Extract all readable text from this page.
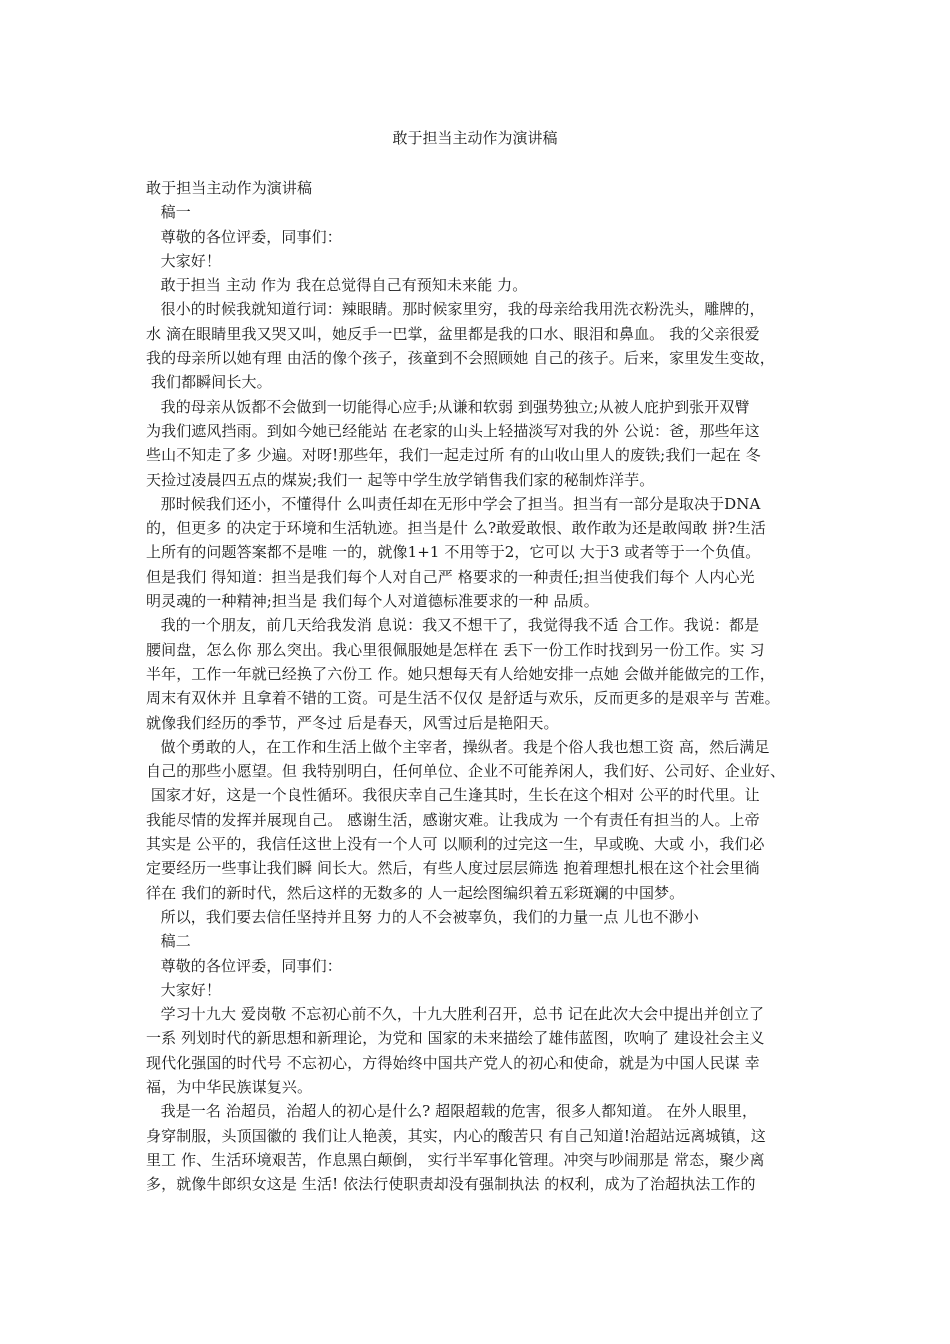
敢于担当主动作为演讲稿
敢于担当主动作为演讲稿
稿一
尊敬的各位评委，同事们：
大家好！
敢于担当 主动 作为 我在总觉得自己有预知未来能 力。
很小的时候我就知道行词：辣眼睛。那时候家里穷，我的母亲给我用洗衣粉洗头，雕牌的，
水 滴在眼睛里我又哭又叫，她反手一巴掌，盆里都是我的口水、眼泪和鼻血。 我的父亲很爱
我的母亲所以她有理 由活的像个孩子，孩童到不会照顾她 自己的孩子。后来，家里发生变故，
我们都瞬间长大。
我的母亲从饭都不会做到一切能得心应手;从谦和软弱 到强势独立;从被人庇护到张开双臂
为我们遮风挡雨。到如今她已经能站 在老家的山头上轻描淡写对我的外 公说：爸，那些年这
些山不知走了多 少遍。对呀!那些年，我们一起走过所 有的山收山里人的废铁;我们一起在 冬
天捡过凌晨四五点的煤炭;我们一 起等中学生放学销售我们家的秘制炸洋芋。
那时候我们还小，不懂得什 么叫责任却在无形中学会了担当。担当有一部分是取决于DNA
的，但更多 的决定于环境和生活轨迹。担当是什 么?敢爱敢恨、敢作敢为还是敢闯敢 拼?生活
上所有的问题答案都不是唯 一的，就像1+1 不用等于2，它可以 大于3 或者等于一个负值。
但是我们 得知道：担当是我们每个人对自己严 格要求的一种责任;担当使我们每个 人内心光
明灵魂的一种精神;担当是 我们每个人对道德标准要求的一种 品质。
我的一个朋友，前几天给我发消 息说：我又不想干了，我觉得我不适 合工作。我说：都是
腰间盘，怎么你 那么突出。我心里很佩服她是怎样在 丢下一份工作时找到另一份工作。实 习
半年，工作一年就已经换了六份工 作。她只想每天有人给她安排一点她 会做并能做完的工作，
周末有双休并 且拿着不错的工资。可是生活不仅仅 是舒适与欢乐，反而更多的是艰辛与 苦难。
就像我们经历的季节，严冬过 后是春天，风雪过后是艳阳天。
做个勇敢的人，在工作和生活上做个主宰者，操纵者。我是个俗人我也想工资 高，然后满足
自己的那些小愿望。但 我特别明白，任何单位、企业不可能养闲人，我们好、公司好、企业好、
国家才好，这是一个良性循环。我很庆幸自己生逢其时，生长在这个相对 公平的时代里。让
我能尽情的发挥并展现自己。 感谢生活，感谢灾难。让我成为 一个有责任有担当的人。上帝
其实是 公平的，我信任这世上没有一个人可 以顺利的过完这一生，早或晚、大或 小，我们必
定要经历一些事让我们瞬 间长大。然后，有些人度过层层筛选 抱着理想扎根在这个社会里徜
徉在 我们的新时代，然后这样的无数多的 人一起绘图编织着五彩斑斓的中国梦。
所以，我们要去信任坚持并且努 力的人不会被辜负，我们的力量一点 儿也不渺小
稿二
尊敬的各位评委，同事们：
大家好！
学习十九大 爱岗敬 不忘初心前不久，十九大胜利召开，总书 记在此次大会中提出并创立了
一系 列划时代的新思想和新理论，为党和 国家的未来描绘了雄伟蓝图，吹响了 建设社会主义
现代化强国的时代号 不忘初心，方得始终中国共产党人的初心和使命，就是为中国人民谋 幸
福，为中华民族谋复兴。
我是一名 治超员，治超人的初心是什么? 超限超载的危害，很多人都知道。 在外人眼里，
身穿制服，头顶国徽的 我们让人艳羡，其实，内心的酸苦只 有自己知道!治超站远离城镇，这
里工 作、生活环境艰苦，作息黑白颠倒， 实行半军事化管理。冲突与吵闹那是 常态，聚少离
多，就像牛郎织女这是 生活! 依法行使职责却没有强制执法 的权利，成为了治超执法工作的
